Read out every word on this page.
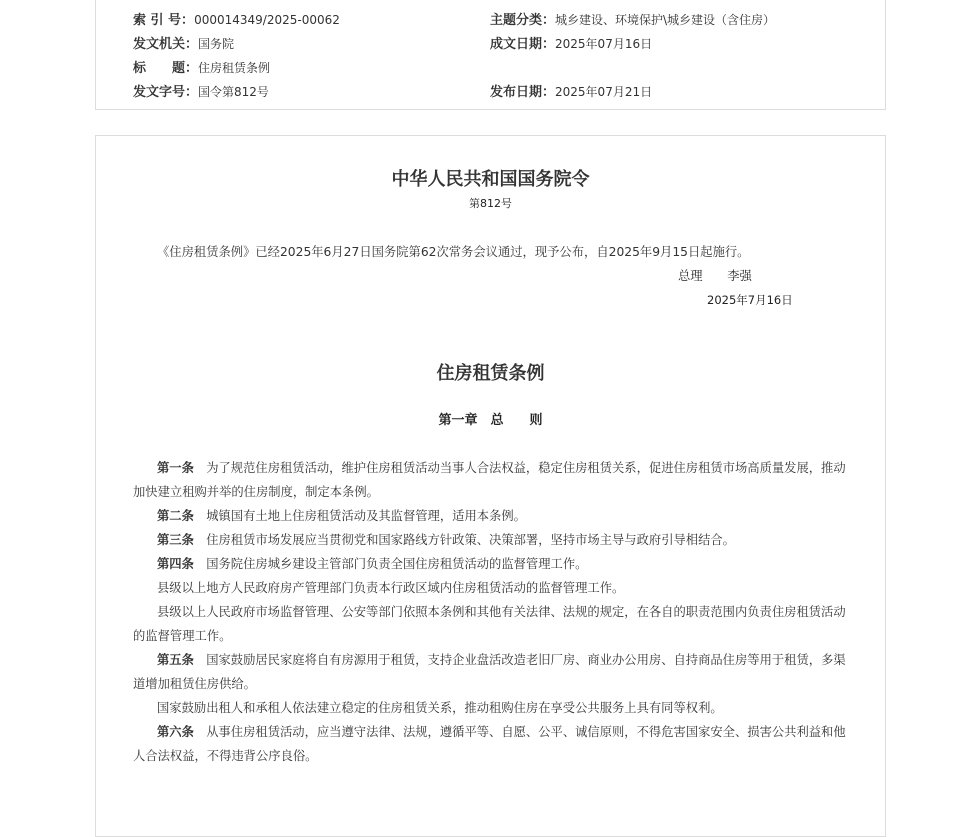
索 引 号：000014349/2025-00062	主题分类：城乡建设、环境保护\城乡建设（含住房）
发文机关：国务院	成文日期：2025年07月16日
标　　题：住房租赁条例
发文字号：国令第812号	发布日期：2025年07月21日
中华人民共和国国务院令
第812号
《住房租赁条例》已经2025年6月27日国务院第62次常务会议通过，现予公布，自2025年9月15日起施行。
总理　　李强
2025年7月16日
住房租赁条例
第一章　总　　则
第一条　为了规范住房租赁活动，维护住房租赁活动当事人合法权益，稳定住房租赁关系，促进住房租赁市场高质量发展，推动加快建立租购并举的住房制度，制定本条例。
第二条　城镇国有土地上住房租赁活动及其监督管理，适用本条例。
第三条　住房租赁市场发展应当贯彻党和国家路线方针政策、决策部署，坚持市场主导与政府引导相结合。
第四条　国务院住房城乡建设主管部门负责全国住房租赁活动的监督管理工作。
县级以上地方人民政府房产管理部门负责本行政区域内住房租赁活动的监督管理工作。
县级以上人民政府市场监督管理、公安等部门依照本条例和其他有关法律、法规的规定，在各自的职责范围内负责住房租赁活动的监督管理工作。
第五条　国家鼓励居民家庭将自有房源用于租赁，支持企业盘活改造老旧厂房、商业办公用房、自持商品住房等用于租赁，多渠道增加租赁住房供给。
国家鼓励出租人和承租人依法建立稳定的住房租赁关系，推动租购住房在享受公共服务上具有同等权利。
第六条　从事住房租赁活动，应当遵守法律、法规，遵循平等、自愿、公平、诚信原则，不得危害国家安全、损害公共利益和他人合法权益，不得违背公序良俗。
